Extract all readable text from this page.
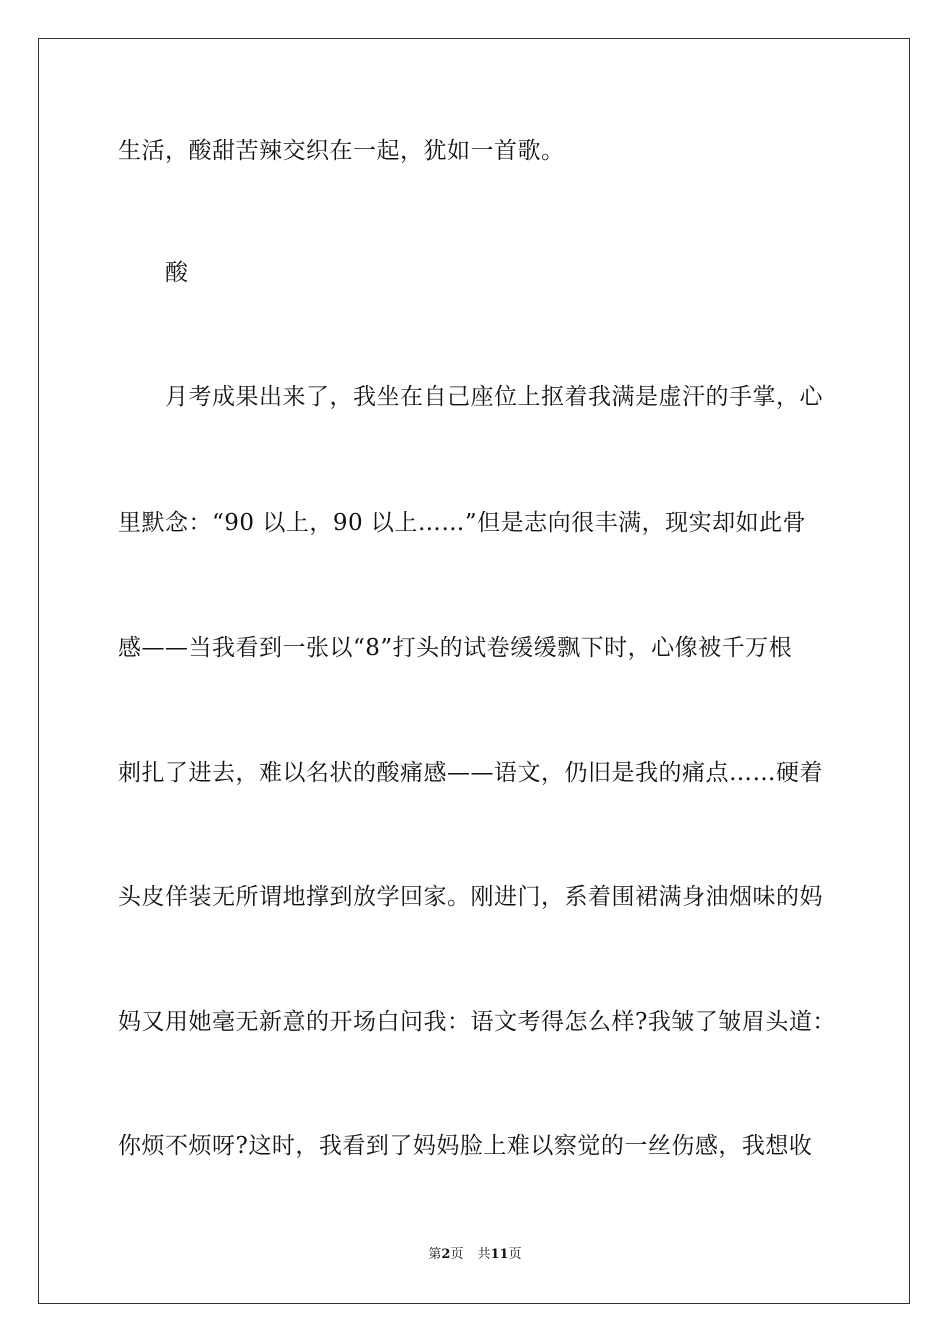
生活，酸甜苦辣交织在一起，犹如一首歌。
酸
月考成果出来了，我坐在自己座位上抠着我满是虚汗的手掌，心
里默念：“90 以上，90 以上……”但是志向很丰满，现实却如此骨
感——当我看到一张以“8”打头的试卷缓缓飘下时，心像被千万根
刺扎了进去，难以名状的酸痛感——语文，仍旧是我的痛点……硬着
头皮佯装无所谓地撑到放学回家。刚进门，系着围裙满身油烟味的妈
妈又用她毫无新意的开场白问我：语文考得怎么样?我皱了皱眉头道：
你烦不烦呀?这时，我看到了妈妈脸上难以察觉的一丝伤感，我想收
第2页 共11页
